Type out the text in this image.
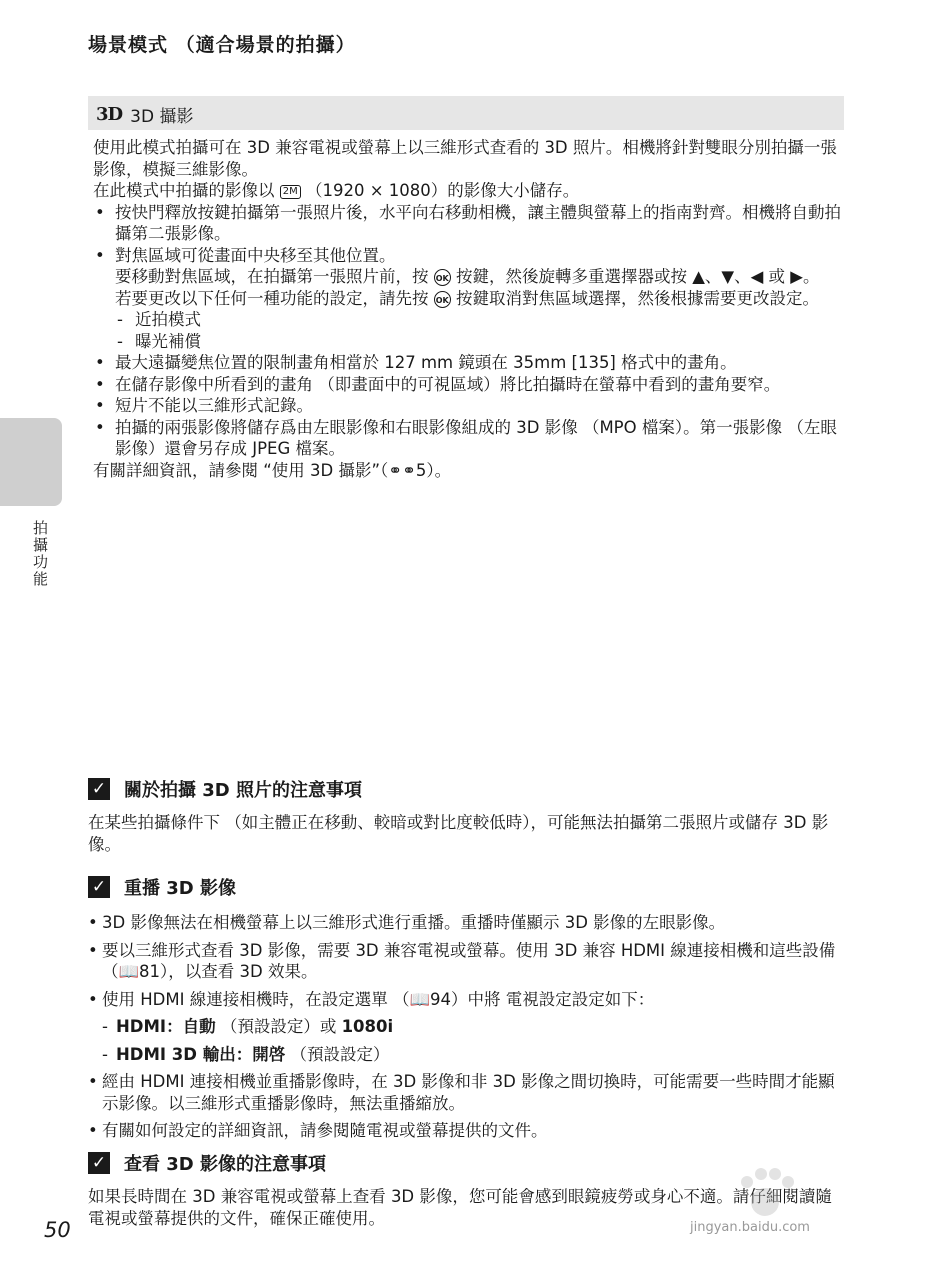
場景模式 （適合場景的拍攝）
3D 3D 攝影

使用此模式拍攝可在 3D 兼容電視或螢幕上以三維形式查看的 3D 照片。相機將針對雙眼分別拍攝一張影像，模擬三維影像。

在此模式中拍攝的影像以 2M （1920 × 1080）的影像大小儲存。

• 按快門釋放按鍵拍攝第一張照片後，水平向右移動相機，讓主體與螢幕上的指南對齊。相機將自動拍攝第二張影像。
• 對焦區域可從畫面中央移至其他位置。
要移動對焦區域，在拍攝第一張照片前，按 OK 按鍵，然後旋轉多重選擇器或按 ▲、▼、◀ 或 ▶。
若要更改以下任何一種功能的設定，請先按 OK 按鍵取消對焦區域選擇，然後根據需要更改設定。
- 近拍模式
- 曝光補償
• 最大遠攝變焦位置的限制畫角相當於 127 mm 鏡頭在 35mm [135] 格式中的畫角。
• 在儲存影像中所看到的畫角 （即畫面中的可視區域）將比拍攝時在螢幕中看到的畫角要窄。
• 短片不能以三維形式記錄。
• 拍攝的兩張影像將儲存爲由左眼影像和右眼影像組成的 3D 影像 （MPO 檔案）。第一張影像 （左眼影像）還會另存成 JPEG 檔案。

有關詳細資訊，請參閱 “使用 3D 攝影”（⚭⚭5）。

拍攝功能
✓ 關於拍攝 3D 照片的注意事項

在某些拍攝條件下 （如主體正在移動、較暗或對比度較低時），可能無法拍攝第二張照片或儲存 3D 影像。

✓ 重播 3D 影像
• 3D 影像無法在相機螢幕上以三維形式進行重播。重播時僅顯示 3D 影像的左眼影像。
• 要以三維形式查看 3D 影像，需要 3D 兼容電視或螢幕。使用 3D 兼容 HDMI 線連接相機和這些設備 （📖81），以查看 3D 效果。
• 使用 HDMI 線連接相機時，在設定選單 （📖94）中將 電視設定設定如下：
- HDMI：自動 （預設設定）或 1080i
- HDMI 3D 輸出：開啓 （預設設定）
• 經由 HDMI 連接相機並重播影像時，在 3D 影像和非 3D 影像之間切換時，可能需要一些時間才能顯示影像。以三維形式重播影像時，無法重播縮放。
• 有關如何設定的詳細資訊，請參閱隨電視或螢幕提供的文件。
✓ 查看 3D 影像的注意事項

如果長時間在 3D 兼容電視或螢幕上查看 3D 影像，您可能會感到眼鏡疲勞或身心不適。請仔細閱讀隨電視或螢幕提供的文件，確保正確使用。

50	jingyan.baidu.com
